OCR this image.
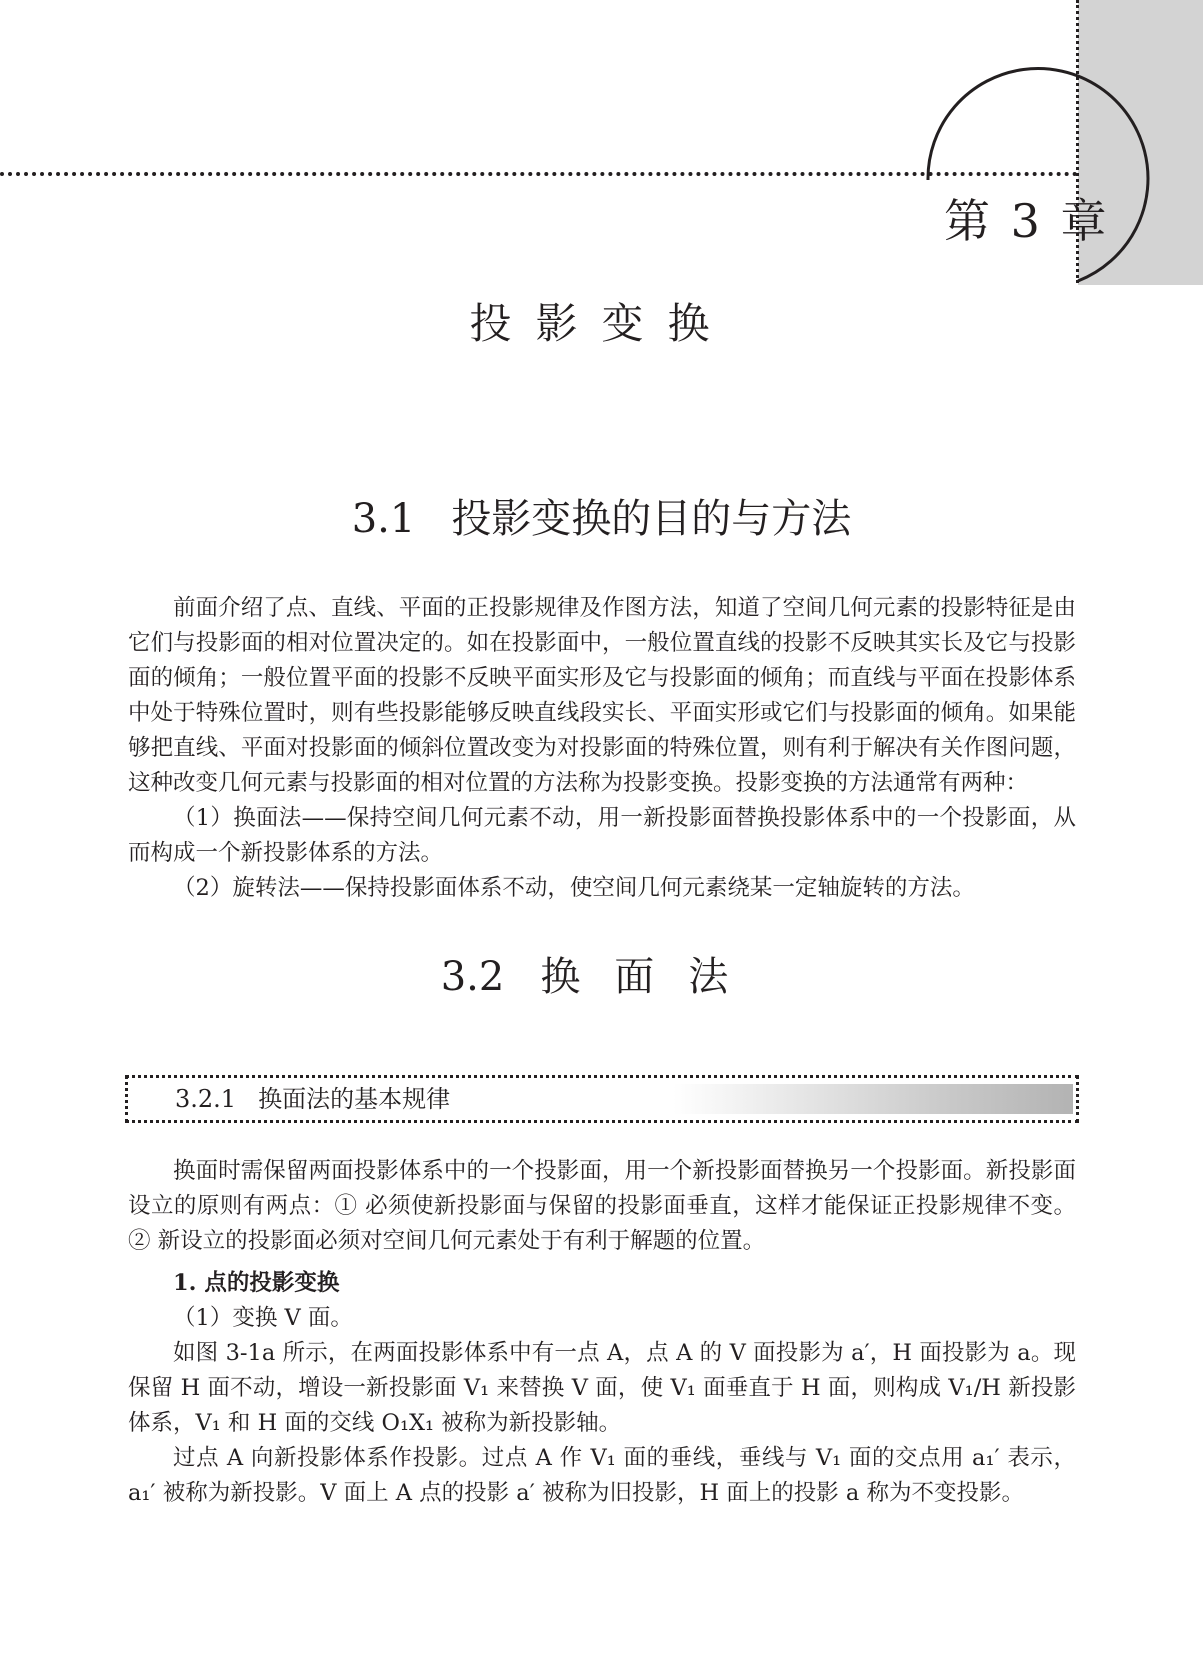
第 3 章
投影变换
3.1 投影变换的目的与方法

前面介绍了点、直线、平面的正投影规律及作图方法，知道了空间几何元素的投影特征是由它们与投影面的相对位置决定的。如在投影面中，一般位置直线的投影不反映其实长及它与投影面的倾角；一般位置平面的投影不反映平面实形及它与投影面的倾角；而直线与平面在投影体系中处于特殊位置时，则有些投影能够反映直线段实长、平面实形或它们与投影面的倾角。如果能够把直线、平面对投影面的倾斜位置改变为对投影面的特殊位置，则有利于解决有关作图问题，这种改变几何元素与投影面的相对位置的方法称为投影变换。投影变换的方法通常有两种：

（1）换面法——保持空间几何元素不动，用一新投影面替换投影体系中的一个投影面，从而构成一个新投影体系的方法。

（2）旋转法——保持投影面体系不动，使空间几何元素绕某一定轴旋转的方法。

3.2 换面法
3.2.1 换面法的基本规律

换面时需保留两面投影体系中的一个投影面，用一个新投影面替换另一个投影面。新投影面设立的原则有两点：① 必须使新投影面与保留的投影面垂直，这样才能保证正投影规律不变。② 新设立的投影面必须对空间几何元素处于有利于解题的位置。

1. 点的投影变换

（1）变换 V 面。

如图 3-1a 所示，在两面投影体系中有一点 A，点 A 的 V 面投影为 a′，H 面投影为 a。现保留 H 面不动，增设一新投影面 V₁ 来替换 V 面，使 V₁ 面垂直于 H 面，则构成 V₁/H 新投影体系，V₁ 和 H 面的交线 O₁X₁ 被称为新投影轴。

过点 A 向新投影体系作投影。过点 A 作 V₁ 面的垂线，垂线与 V₁ 面的交点用 a₁′ 表示，a₁′ 被称为新投影。V 面上 A 点的投影 a′ 被称为旧投影，H 面上的投影 a 称为不变投影。
